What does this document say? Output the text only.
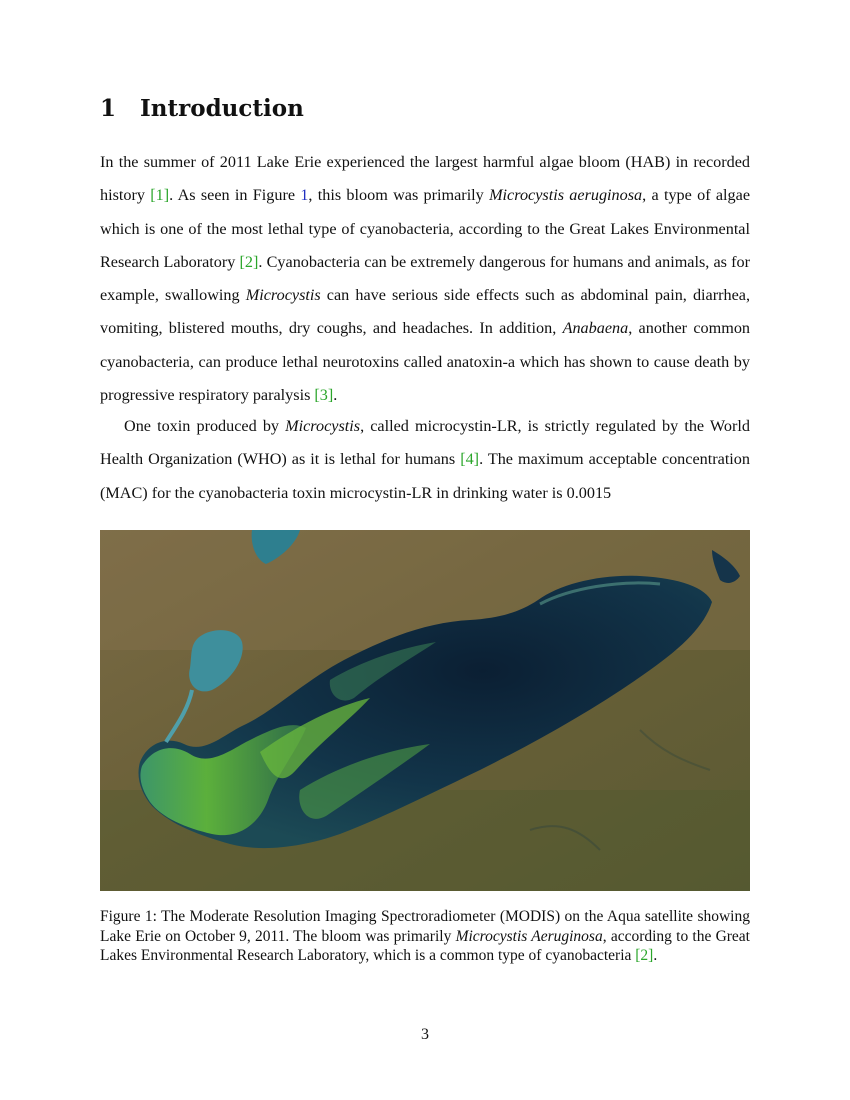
1 Introduction
In the summer of 2011 Lake Erie experienced the largest harmful algae bloom (HAB) in recorded history [1]. As seen in Figure 1, this bloom was primarily Microcystis aeruginosa, a type of algae which is one of the most lethal type of cyanobacteria, according to the Great Lakes Environmental Research Laboratory [2]. Cyanobacteria can be extremely dangerous for humans and animals, as for example, swallowing Microcystis can have serious side effects such as abdominal pain, diarrhea, vomiting, blistered mouths, dry coughs, and headaches. In addition, Anabaena, another common cyanobacteria, can produce lethal neurotoxins called anatoxin-a which has shown to cause death by progressive respiratory paralysis [3].
One toxin produced by Microcystis, called microcystin-LR, is strictly regulated by the World Health Organization (WHO) as it is lethal for humans [4]. The maximum acceptable concentration (MAC) for the cyanobacteria toxin microcystin-LR in drinking water is 0.0015
Figure 1: The Moderate Resolution Imaging Spectroradiometer (MODIS) on the Aqua satellite showing Lake Erie on October 9, 2011. The bloom was primarily Microcystis Aeruginosa, according to the Great Lakes Environmental Research Laboratory, which is a common type of cyanobacteria [2].
3
